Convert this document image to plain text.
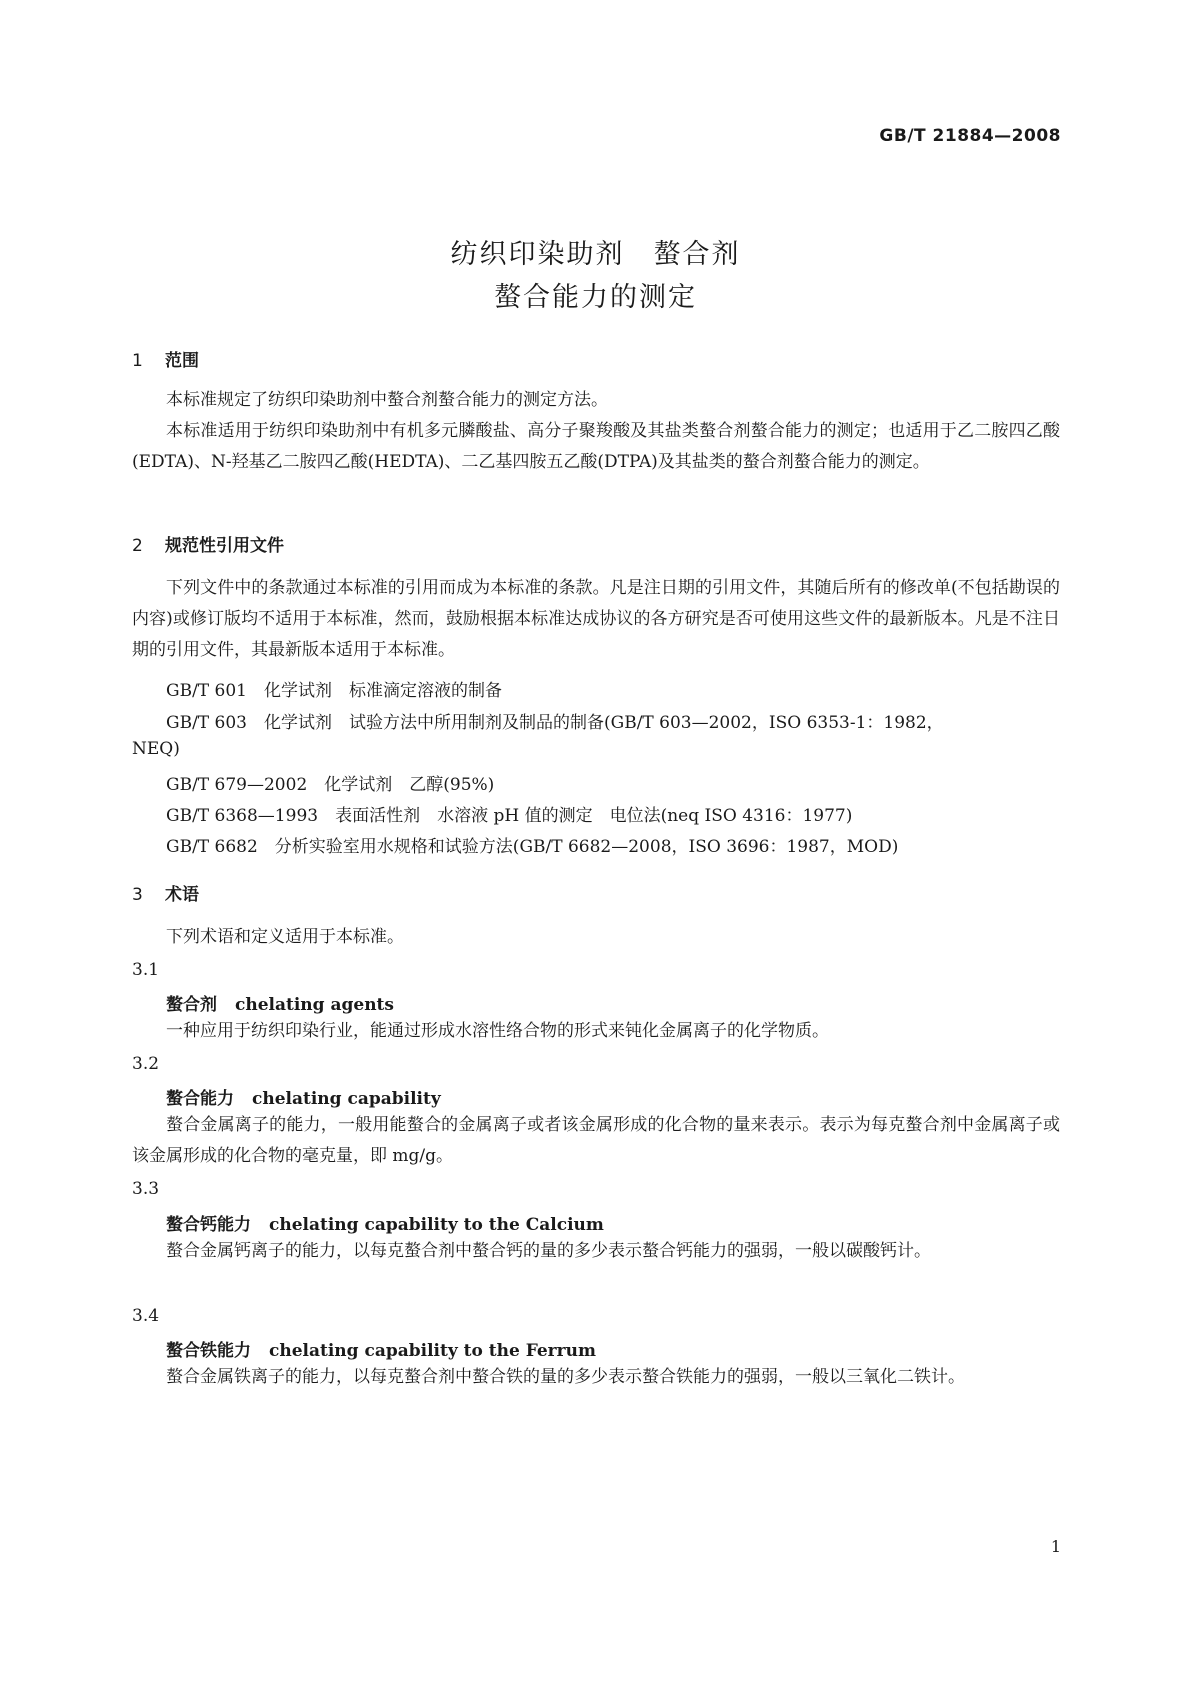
GB/T 21884—2008
纺织印染助剂　螯合剂
螯合能力的测定
1 范围
本标准规定了纺织印染助剂中螯合剂螯合能力的测定方法。
本标准适用于纺织印染助剂中有机多元膦酸盐、高分子聚羧酸及其盐类螯合剂螯合能力的测定；也适用于乙二胺四乙酸(EDTA)、N-羟基乙二胺四乙酸(HEDTA)、二乙基四胺五乙酸(DTPA)及其盐类的螯合剂螯合能力的测定。
2 规范性引用文件
下列文件中的条款通过本标准的引用而成为本标准的条款。凡是注日期的引用文件，其随后所有的修改单(不包括勘误的内容)或修订版均不适用于本标准，然而，鼓励根据本标准达成协议的各方研究是否可使用这些文件的最新版本。凡是不注日期的引用文件，其最新版本适用于本标准。
GB/T 601　化学试剂　标准滴定溶液的制备
GB/T 603　化学试剂　试验方法中所用制剂及制品的制备(GB/T 603—2002，ISO 6353-1：1982，
NEQ)
GB/T 679—2002　化学试剂　乙醇(95%)
GB/T 6368—1993　表面活性剂　水溶液 pH 值的测定　电位法(neq ISO 4316：1977)
GB/T 6682　分析实验室用水规格和试验方法(GB/T 6682—2008，ISO 3696：1987，MOD)
3 术语
下列术语和定义适用于本标准。
3.1
螯合剂 chelating agents
一种应用于纺织印染行业，能通过形成水溶性络合物的形式来钝化金属离子的化学物质。
3.2
螯合能力 chelating capability
螯合金属离子的能力，一般用能螯合的金属离子或者该金属形成的化合物的量来表示。表示为每克螯合剂中金属离子或该金属形成的化合物的毫克量，即 mg/g。
3.3
螯合钙能力 chelating capability to the Calcium
螯合金属钙离子的能力，以每克螯合剂中螯合钙的量的多少表示螯合钙能力的强弱，一般以碳酸钙计。
3.4
螯合铁能力 chelating capability to the Ferrum
螯合金属铁离子的能力，以每克螯合剂中螯合铁的量的多少表示螯合铁能力的强弱，一般以三氧化二铁计。
1
